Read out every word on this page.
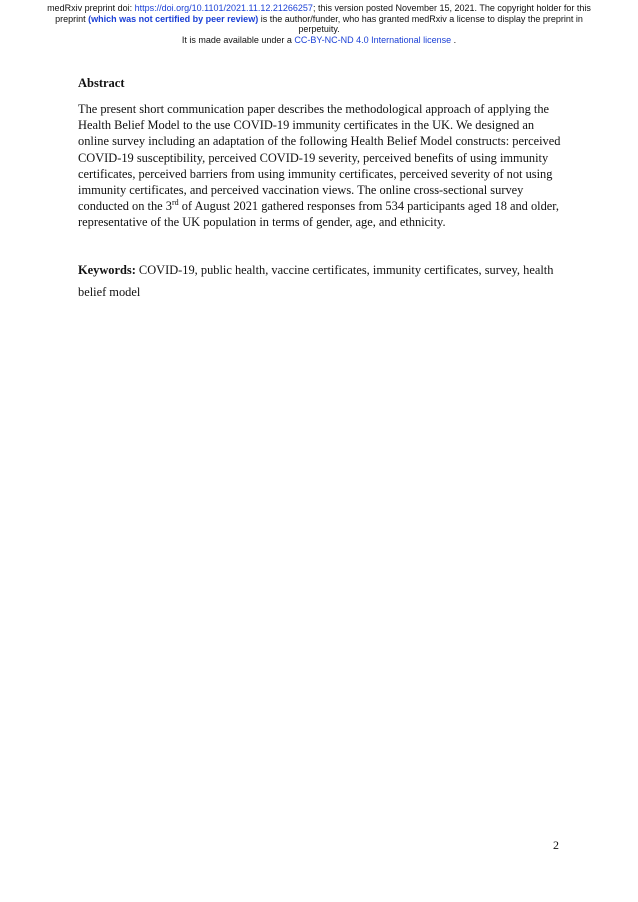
medRxiv preprint doi: https://doi.org/10.1101/2021.11.12.21266257; this version posted November 15, 2021. The copyright holder for this
preprint (which was not certified by peer review) is the author/funder, who has granted medRxiv a license to display the preprint in
perpetuity.
It is made available under a CC-BY-NC-ND 4.0 International license .
Abstract

The present short communication paper describes the methodological approach of applying the Health Belief Model to the use COVID-19 immunity certificates in the UK. We designed an online survey including an adaptation of the following Health Belief Model constructs: perceived COVID-19 susceptibility, perceived COVID-19 severity, perceived benefits of using immunity certificates, perceived barriers from using immunity certificates, perceived severity of not using immunity certificates, and perceived vaccination views. The online cross-sectional survey conducted on the 3rd of August 2021 gathered responses from 534 participants aged 18 and older, representative of the UK population in terms of gender, age, and ethnicity.

Keywords: COVID-19, public health, vaccine certificates, immunity certificates, survey, health belief model

2
